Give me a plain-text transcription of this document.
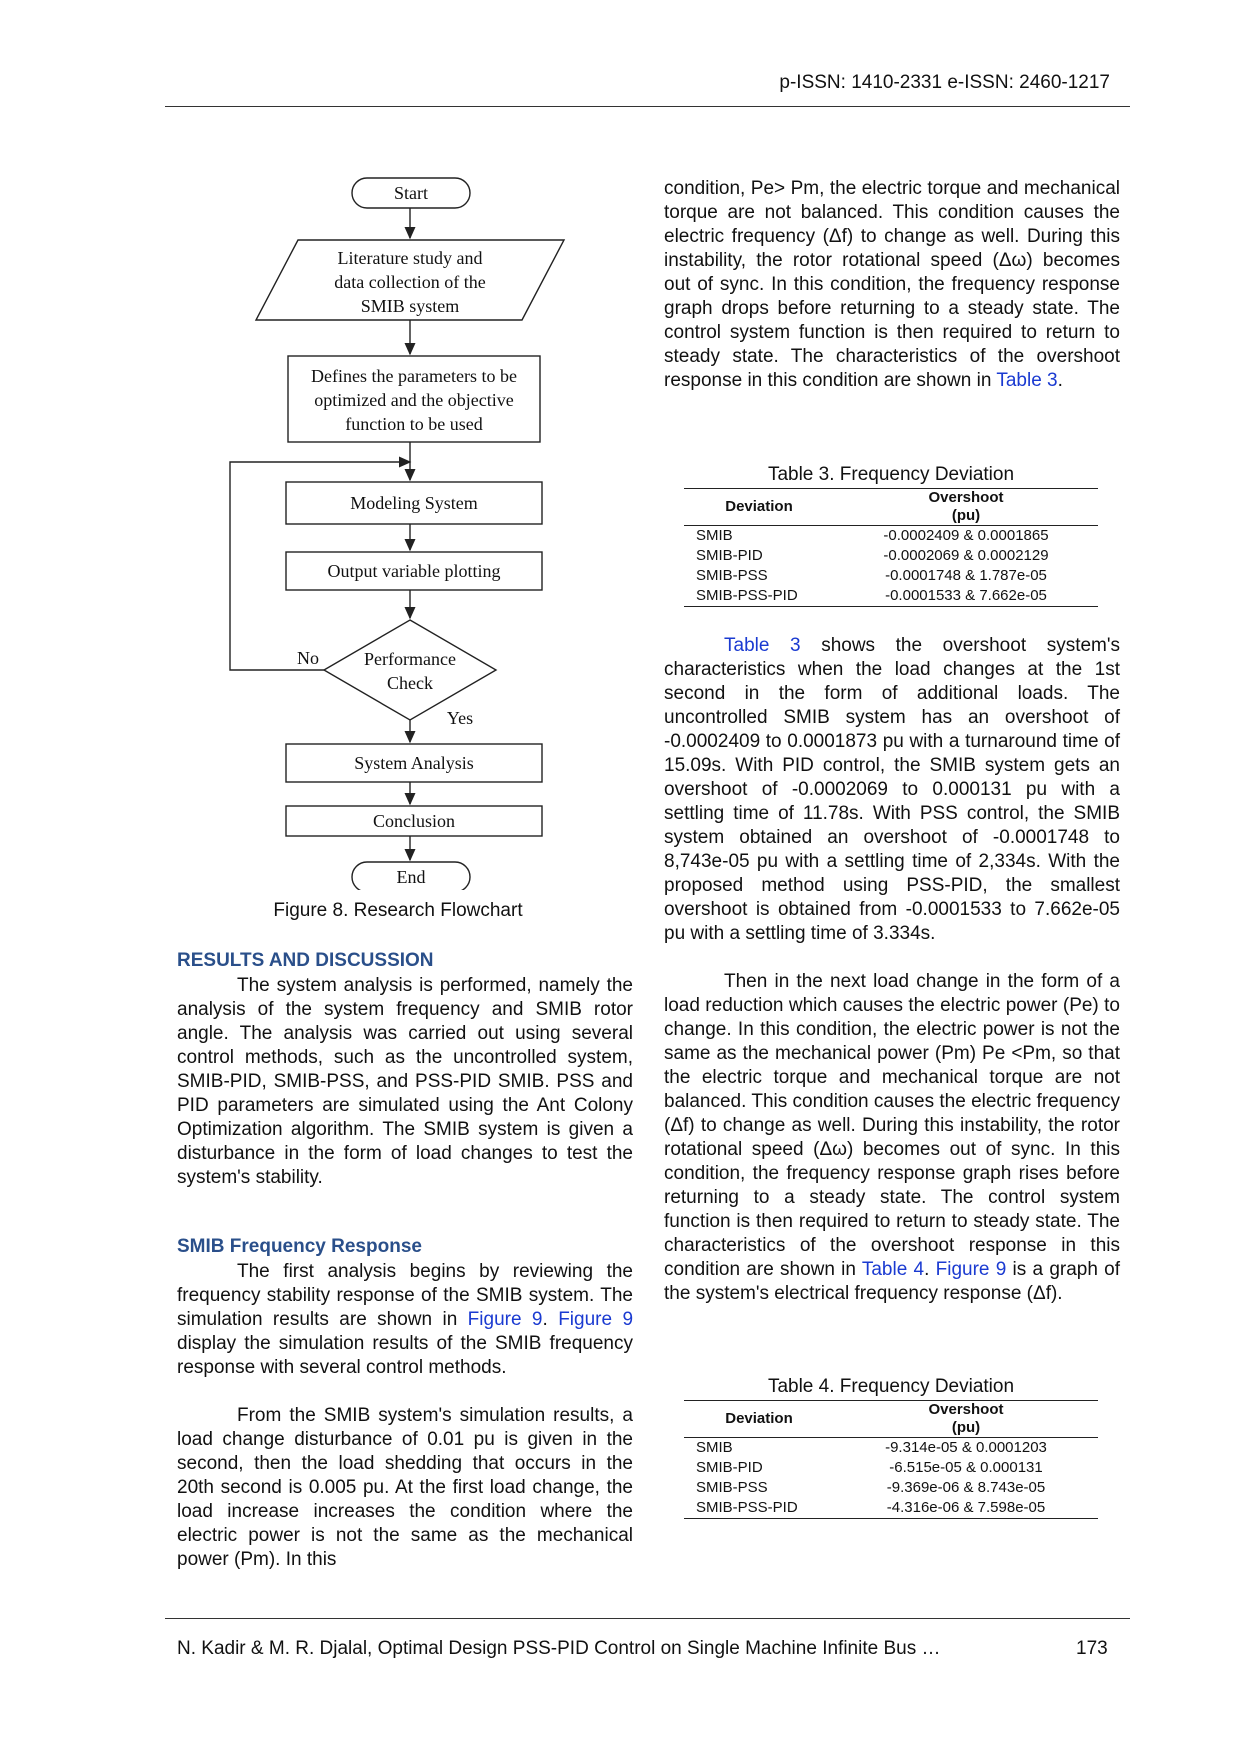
p-ISSN: 1410-2331 e-ISSN: 2460-1217
Start
Literature study and
data collection of the
SMIB system
Defines the parameters to be
optimized and the objective
function to be used
Modeling System
Output variable plotting
Performance
Check
No
Yes
System Analysis
Conclusion
End
Figure 8. Research Flowchart
RESULTS AND DISCUSSION

The system analysis is performed, namely the analysis of the system frequency and SMIB rotor angle. The analysis was carried out using several control methods, such as the uncontrolled system, SMIB-PID, SMIB-PSS, and PSS-PID SMIB. PSS and PID parameters are simulated using the Ant Colony Optimization algorithm. The SMIB system is given a disturbance in the form of load changes to test the system's stability.

SMIB Frequency Response

The first analysis begins by reviewing the frequency stability response of the SMIB system. The simulation results are shown in Figure 9. Figure 9 display the simulation results of the SMIB frequency response with several control methods.

From the SMIB system's simulation results, a load change disturbance of 0.01 pu is given in the second, then the load shedding that occurs in the 20th second is 0.005 pu. At the first load change, the load increase increases the condition where the electric power is not the same as the mechanical power (Pm). In this

condition, Pe> Pm, the electric torque and mechanical torque are not balanced. This condition causes the electric frequency (Δf) to change as well. During this instability, the rotor rotational speed (Δω) becomes out of sync. In this condition, the frequency response graph drops before returning to a steady state. The control system function is then required to return to steady state. The characteristics of the overshoot response in this condition are shown in Table 3.

Table 3. Frequency Deviation
Deviation	Overshoot
(pu)

SMIB	-0.0002409 & 0.0001865
SMIB-PID	-0.0002069 & 0.0002129
SMIB-PSS	-0.0001748 & 1.787e-05
SMIB-PSS-PID	-0.0001533 & 7.662e-05

Table 3 shows the overshoot system's characteristics when the load changes at the 1st second in the form of additional loads. The uncontrolled SMIB system has an overshoot of -0.0002409 to 0.0001873 pu with a turnaround time of 15.09s. With PID control, the SMIB system gets an overshoot of -0.0002069 to 0.000131 pu with a settling time of 11.78s. With PSS control, the SMIB system obtained an overshoot of -0.0001748 to 8,743e-05 pu with a settling time of 2,334s. With the proposed method using PSS-PID, the smallest overshoot is obtained from -0.0001533 to 7.662e-05 pu with a settling time of 3.334s.

Then in the next load change in the form of a load reduction which causes the electric power (Pe) to change. In this condition, the electric power is not the same as the mechanical power (Pm) Pe <Pm, so that the electric torque and mechanical torque are not balanced. This condition causes the electric frequency (Δf) to change as well. During this instability, the rotor rotational speed (Δω) becomes out of sync. In this condition, the frequency response graph rises before returning to a steady state. The control system function is then required to return to steady state. The characteristics of the overshoot response in this condition are shown in Table 4. Figure 9 is a graph of the system's electrical frequency response (Δf).

Table 4. Frequency Deviation
Deviation	Overshoot
(pu)

SMIB	-9.314e-05 & 0.0001203
SMIB-PID	-6.515e-05 & 0.000131
SMIB-PSS	-9.369e-06 & 8.743e-05
SMIB-PSS-PID	-4.316e-06 & 7.598e-05
N. Kadir & M. R. Djalal, Optimal Design PSS-PID Control on Single Machine Infinite Bus …	173
